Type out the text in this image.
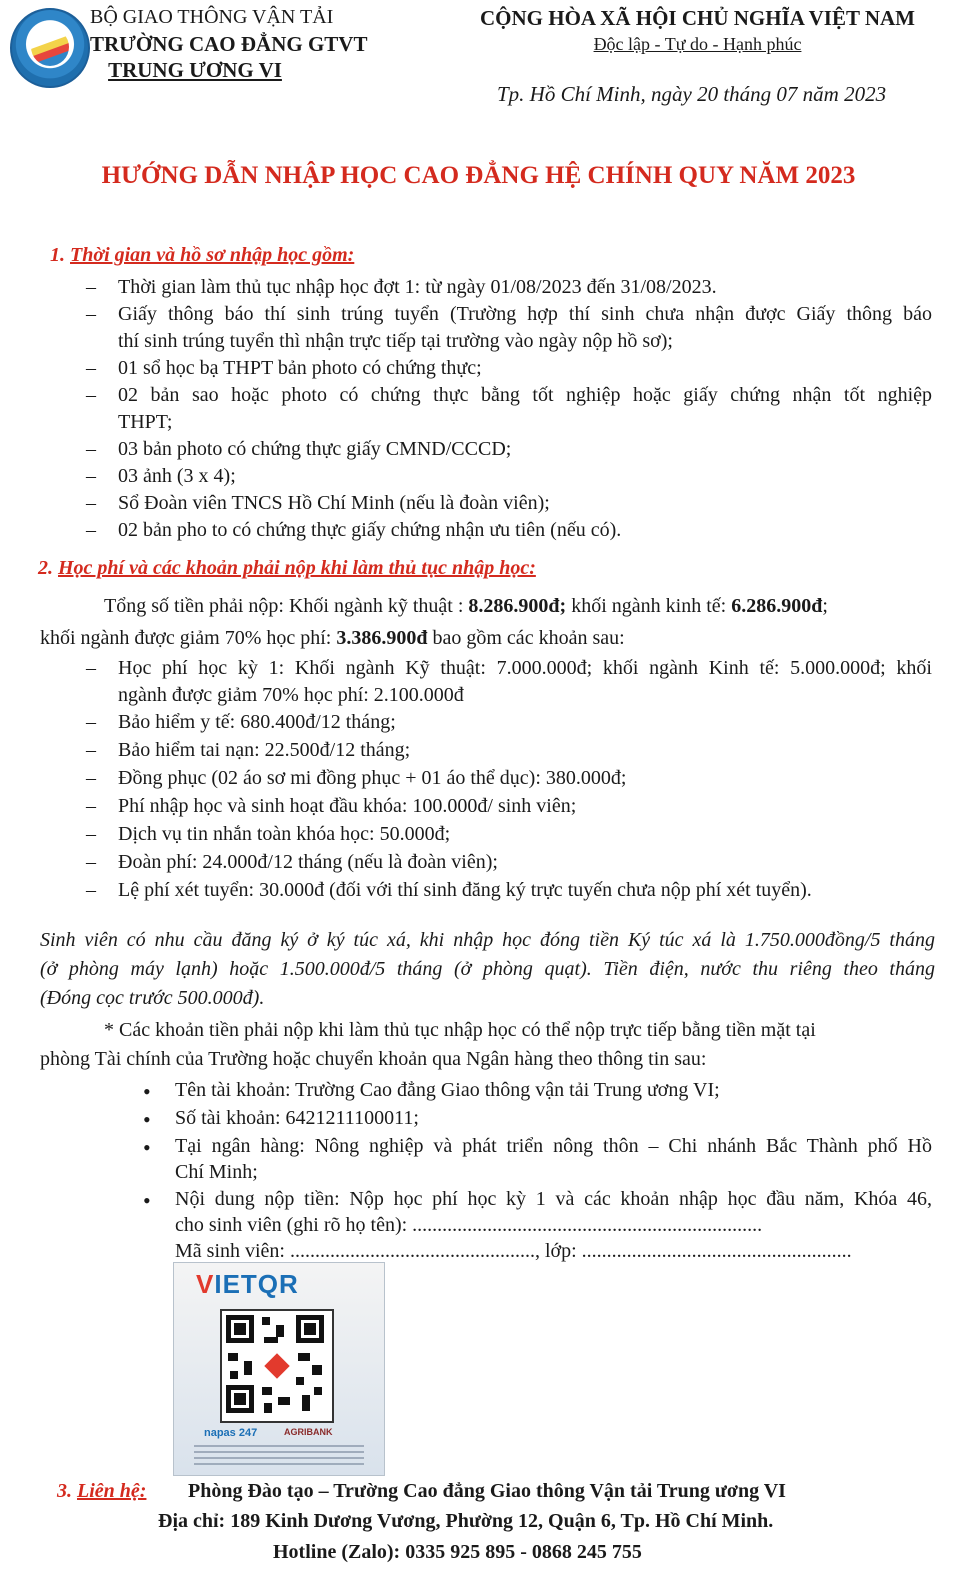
BỘ GIAO THÔNG VẬN TẢI
TRƯỜNG CAO ĐẲNG GTVT
TRUNG ƯƠNG VI
CỘNG HÒA XÃ HỘI CHỦ NGHĨA VIỆT NAM
Độc lập - Tự do - Hạnh phúc
Tp. Hồ Chí Minh, ngày 20 tháng 07 năm 2023
HƯỚNG DẪN NHẬP HỌC CAO ĐẲNG HỆ CHÍNH QUY NĂM 2023
1. Thời gian và hồ sơ nhập học gồm:
– Thời gian làm thủ tục nhập học đợt 1: từ ngày 01/08/2023 đến 31/08/2023.
– Giấy thông báo thí sinh trúng tuyển (Trường hợp thí sinh chưa nhận được Giấy thông báo
thí sinh trúng tuyển thì nhận trực tiếp tại trường vào ngày nộp hồ sơ);
– 01 sổ học bạ THPT bản photo có chứng thực;
– 02 bản sao hoặc photo có chứng thực bằng tốt nghiệp hoặc giấy chứng nhận tốt nghiệp
THPT;
– 03 bản photo có chứng thực giấy CMND/CCCD;
– 03 ảnh (3 x 4);
– Sổ Đoàn viên TNCS Hồ Chí Minh (nếu là đoàn viên);
– 02 bản pho to có chứng thực giấy chứng nhận ưu tiên (nếu có).
2. Học phí và các khoản phải nộp khi làm thủ tục nhập học:
Tổng số tiền phải nộp: Khối ngành kỹ thuật : 8.286.900đ; khối ngành kinh tế: 6.286.900đ;
khối ngành được giảm 70% học phí: 3.386.900đ bao gồm các khoản sau:
– Học phí học kỳ 1: Khối ngành Kỹ thuật: 7.000.000đ; khối ngành Kinh tế: 5.000.000đ; khối
ngành được giảm 70% học phí: 2.100.000đ
– Bảo hiểm y tế: 680.400đ/12 tháng;
– Bảo hiểm tai nạn: 22.500đ/12 tháng;
– Đồng phục (02 áo sơ mi đồng phục + 01 áo thể dục): 380.000đ;
– Phí nhập học và sinh hoạt đầu khóa: 100.000đ/ sinh viên;
– Dịch vụ tin nhắn toàn khóa học: 50.000đ;
– Đoàn phí: 24.000đ/12 tháng (nếu là đoàn viên);
– Lệ phí xét tuyển: 30.000đ (đối với thí sinh đăng ký trực tuyến chưa nộp phí xét tuyển).
Sinh viên có nhu cầu đăng ký ở ký túc xá, khi nhập học đóng tiền Ký túc xá là 1.750.000đồng/5 tháng
(ở phòng máy lạnh) hoặc 1.500.000đ/5 tháng (ở phòng quạt). Tiền điện, nước thu riêng theo tháng
(Đóng cọc trước 500.000đ).
* Các khoản tiền phải nộp khi làm thủ tục nhập học có thể nộp trực tiếp bằng tiền mặt tại
phòng Tài chính của Trường hoặc chuyển khoản qua Ngân hàng theo thông tin sau:
• Tên tài khoản: Trường Cao đẳng Giao thông vận tải Trung ương VI;
• Số tài khoản: 6421211100011;
• Tại ngân hàng: Nông nghiệp và phát triển nông thôn – Chi nhánh Bắc Thành phố Hồ
Chí Minh;
• Nội dung nộp tiền: Nộp học phí học kỳ 1 và các khoản nhập học đầu năm, Khóa 46,
cho sinh viên (ghi rõ họ tên): ......................................................................
Mã sinh viên: ................................................., lớp: ......................................................
VIETQR
napas 247	AGRIBANK
3. Liên hệ: Phòng Đào tạo – Trường Cao đẳng Giao thông Vận tải Trung ương VI
Địa chỉ: 189 Kinh Dương Vương, Phường 12, Quận 6, Tp. Hồ Chí Minh.
Hotline (Zalo): 0335 925 895 - 0868 245 755
